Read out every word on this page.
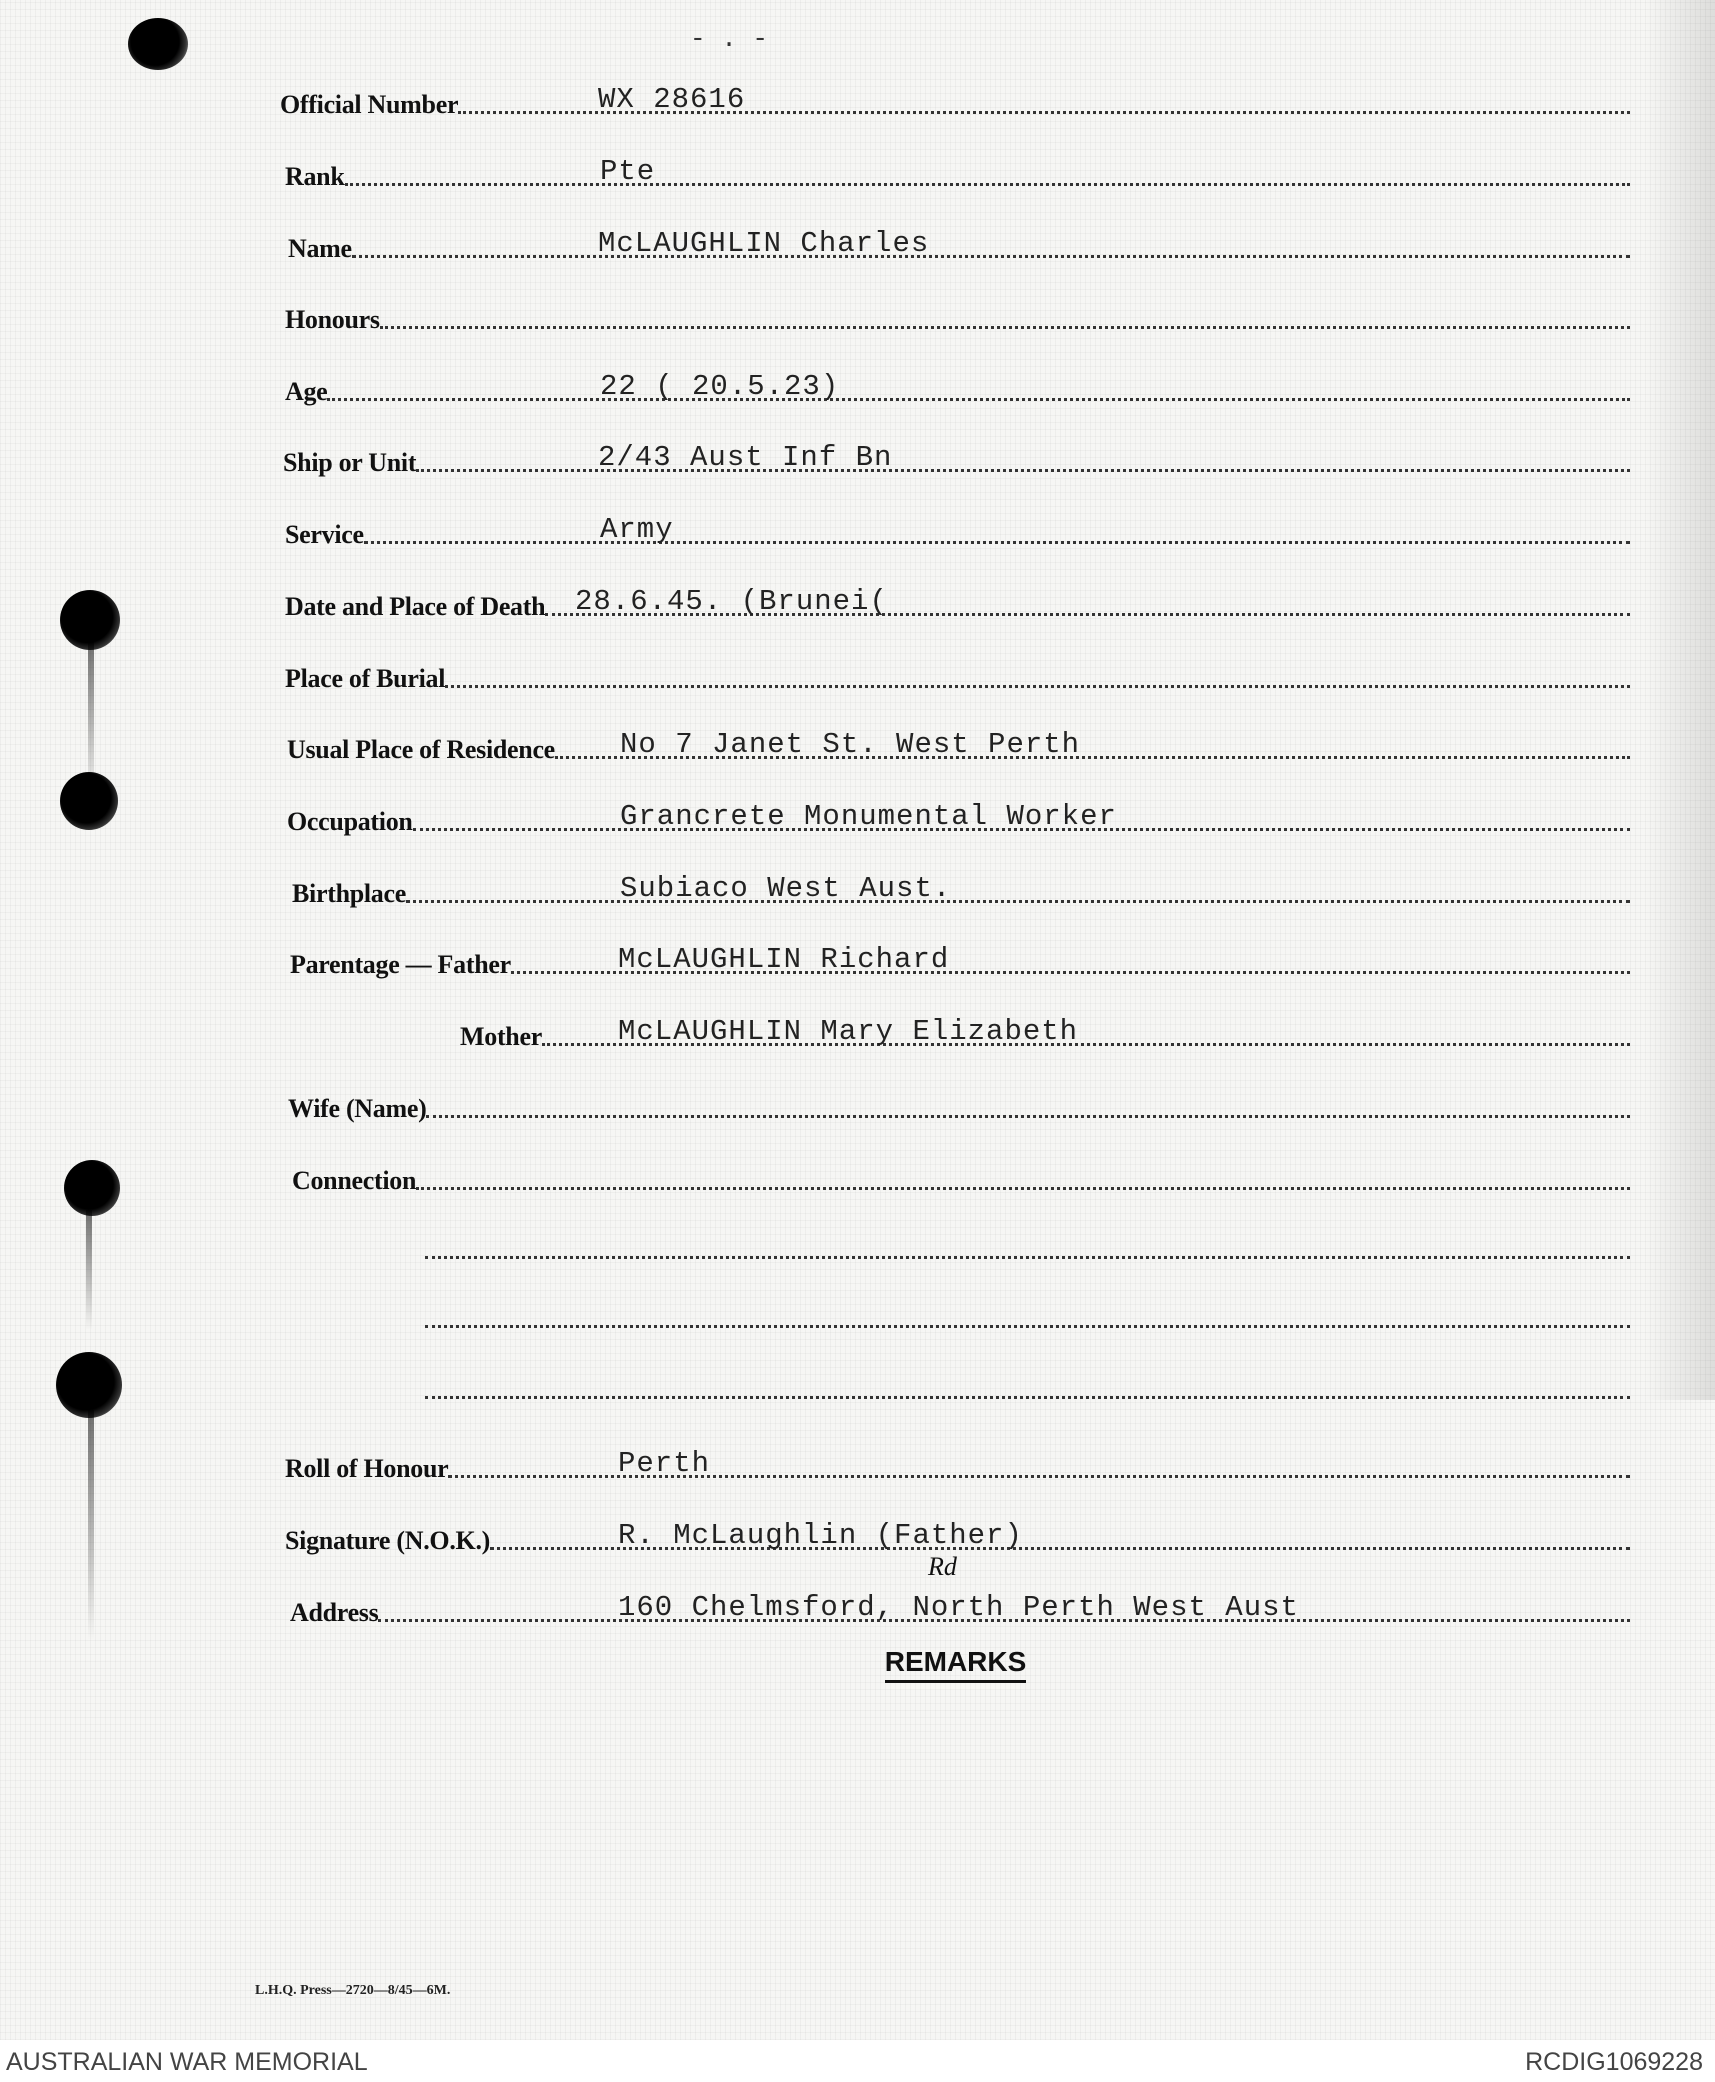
- . -
Official Number	WX 28616
Rank	Pte
Name	McLAUGHLIN Charles
Honours
Age	22 ( 20.5.23)
Ship or Unit	2/43 Aust Inf Bn
Service	Army
Date and Place of Death 28.6.45. (Brunei(
Place of Burial
Usual Place of Residence No 7 Janet St. West Perth
Occupation	Grancrete Monumental Worker
Birthplace	Subiaco West Aust.
Parentage — Father	McLAUGHLIN Richard
Mother	McLAUGHLIN Mary Elizabeth
Wife (Name)
Connection
Roll of Honour	Perth
Signature (N.O.K.)	R. McLaughlin (Father)
Address	160 Chelmsford, North Perth West Aust
Rd
REMARKS
L.H.Q. Press—2720—8/45—6M.
AUSTRALIAN WAR MEMORIAL	RCDIG1069228
